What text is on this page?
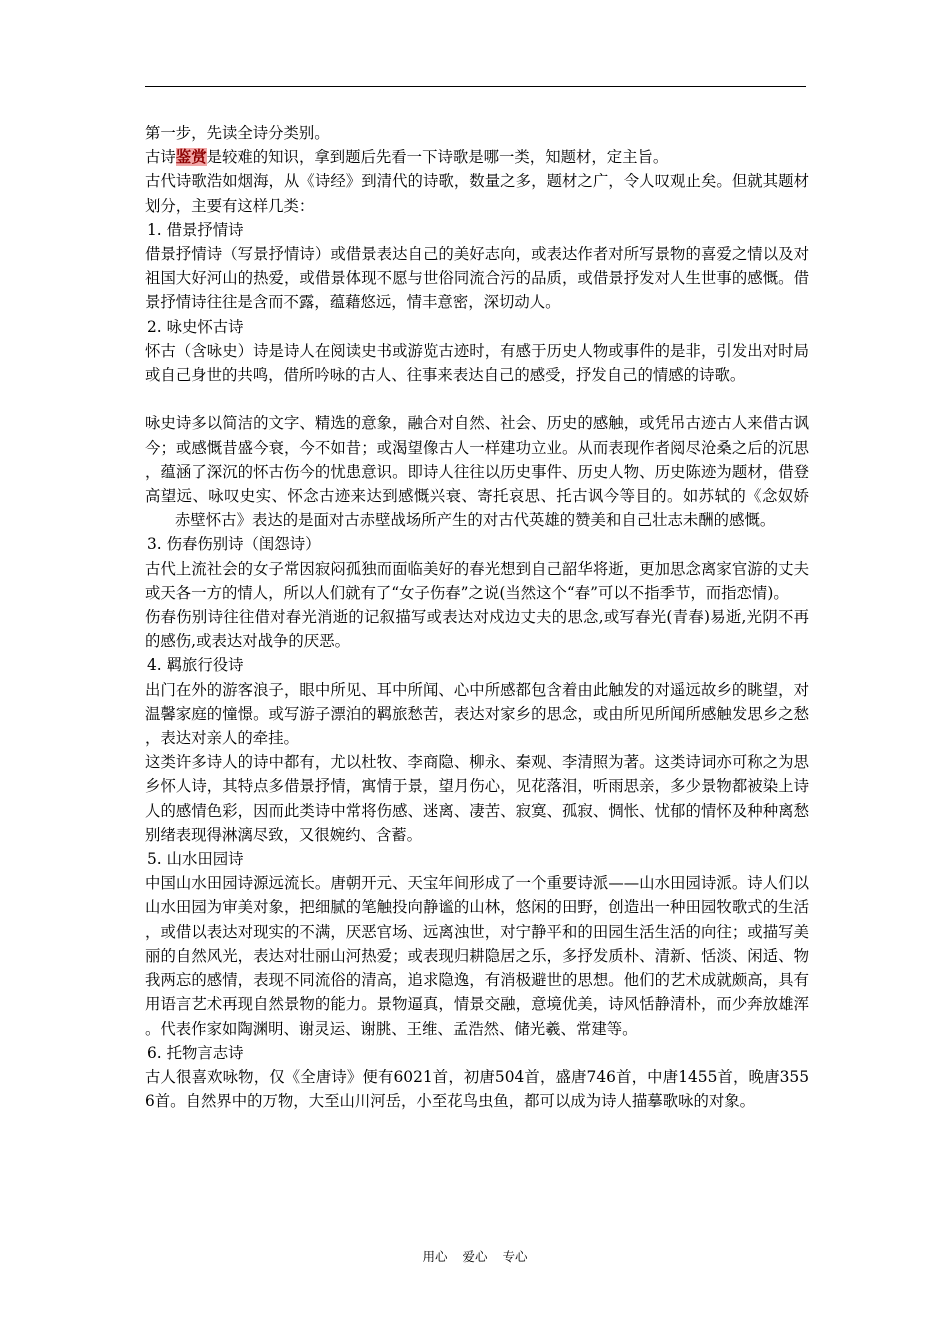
第一步，先读全诗分类别。

古诗鉴赏是较难的知识，拿到题后先看一下诗歌是哪一类，知题材，定主旨。

古代诗歌浩如烟海，从《诗经》到清代的诗歌，数量之多，题材之广，令人叹观止矣。但就其题材划分，主要有这样几类：

1. 借景抒情诗

借景抒情诗（写景抒情诗）或借景表达自己的美好志向，或表达作者对所写景物的喜爱之情以及对祖国大好河山的热爱，或借景体现不愿与世俗同流合污的品质，或借景抒发对人生世事的感慨。借景抒情诗往往是含而不露，蕴藉悠远，情丰意密，深切动人。

2. 咏史怀古诗

怀古（含咏史）诗是诗人在阅读史书或游览古迹时，有感于历史人物或事件的是非，引发出对时局或自己身世的共鸣，借所吟咏的古人、往事来表达自己的感受，抒发自己的情感的诗歌。

咏史诗多以简洁的文字、精选的意象，融合对自然、社会、历史的感触，或凭吊古迹古人来借古讽今；或感慨昔盛今衰，今不如昔；或渴望像古人一样建功立业。从而表现作者阅尽沧桑之后的沉思，蕴涵了深沉的怀古伤今的忧患意识。即诗人往往以历史事件、历史人物、历史陈迹为题材，借登高望远、咏叹史实、怀念古迹来达到感慨兴衰、寄托哀思、托古讽今等目的。如苏轼的《念奴娇赤壁怀古》表达的是面对古赤壁战场所产生的对古代英雄的赞美和自己壮志未酬的感慨。

3. 伤春伤别诗（闺怨诗）

古代上流社会的女子常因寂闷孤独而面临美好的春光想到自己韶华将逝，更加思念离家官游的丈夫或天各一方的情人，所以人们就有了“女子伤春”之说(当然这个“春”可以不指季节，而指恋情)。

伤春伤别诗往往借对春光消逝的记叙描写或表达对戍边丈夫的思念,或写春光(青春)易逝,光阴不再的感伤,或表达对战争的厌恶。

4. 羁旅行役诗

出门在外的游客浪子，眼中所见、耳中所闻、心中所感都包含着由此触发的对遥远故乡的眺望，对温馨家庭的憧憬。或写游子漂泊的羁旅愁苦，表达对家乡的思念，或由所见所闻所感触发思乡之愁，表达对亲人的牵挂。

这类许多诗人的诗中都有，尤以杜牧、李商隐、柳永、秦观、李清照为著。这类诗词亦可称之为思乡怀人诗，其特点多借景抒情，寓情于景，望月伤心，见花落泪，听雨思亲，多少景物都被染上诗人的感情色彩，因而此类诗中常将伤感、迷离、凄苦、寂寞、孤寂、惆怅、忧郁的情怀及种种离愁别绪表现得淋漓尽致，又很婉约、含蓄。

5. 山水田园诗

中国山水田园诗源远流长。唐朝开元、天宝年间形成了一个重要诗派——山水田园诗派。诗人们以山水田园为审美对象，把细腻的笔触投向静谧的山林，悠闲的田野，创造出一种田园牧歌式的生活，或借以表达对现实的不满，厌恶官场、远离浊世，对宁静平和的田园生活生活的向往；或描写美丽的自然风光，表达对壮丽山河热爱；或表现归耕隐居之乐，多抒发质朴、清新、恬淡、闲适、物我两忘的感情，表现不同流俗的清高，追求隐逸，有消极避世的思想。他们的艺术成就颇高，具有用语言艺术再现自然景物的能力。景物逼真，情景交融，意境优美，诗风恬静清朴，而少奔放雄浑。代表作家如陶渊明、谢灵运、谢朓、王维、孟浩然、储光羲、常建等。

6. 托物言志诗

古人很喜欢咏物，仅《全唐诗》便有6021首，初唐504首，盛唐746首，中唐1455首，晚唐3556首。自然界中的万物，大至山川河岳，小至花鸟虫鱼，都可以成为诗人描摹歌咏的对象。

用心 爱心 专心
